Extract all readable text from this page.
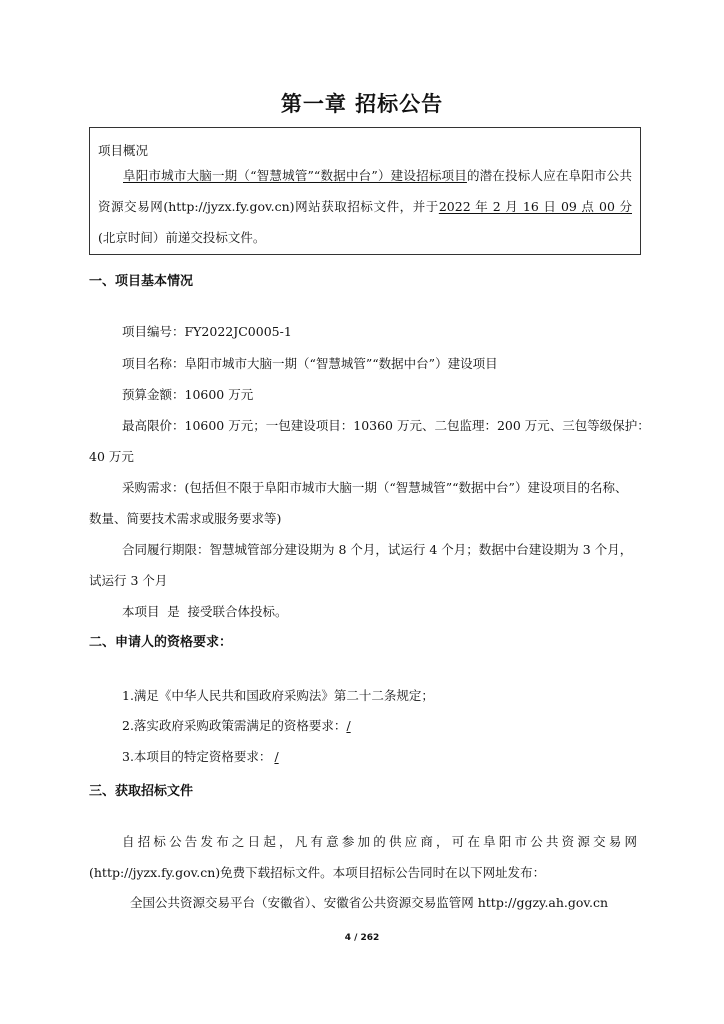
第一章 招标公告
项目概况
阜阳市城市大脑一期（“智慧城管”“数据中台”）建设招标项目的潜在投标人应在阜阳市公共资源交易网(http://jyzx.fy.gov.cn)网站获取招标文件，并于2022 年 2 月 16 日 09 点 00 分(北京时间）前递交投标文件。
一、项目基本情况
项目编号：FY2022JC0005-1
项目名称：阜阳市城市大脑一期（“智慧城管”“数据中台”）建设项目
预算金额：10600 万元
最高限价：10600 万元；一包建设项目：10360 万元、二包监理：200 万元、三包等级保护：
40 万元
采购需求：(包括但不限于阜阳市城市大脑一期（“智慧城管”“数据中台”）建设项目的名称、
数量、简要技术需求或服务要求等)
合同履行期限：智慧城管部分建设期为 8 个月，试运行 4 个月；数据中台建设期为 3 个月，
试运行 3 个月
本项目 是 接受联合体投标。
二、申请人的资格要求：
1.满足《中华人民共和国政府采购法》第二十二条规定；
2.落实政府采购政策需满足的资格要求：/
3.本项目的特定资格要求： /
三、获取招标文件
自招标公告发布之日起，凡有意参加的供应商，可在阜阳市公共资源交易网
(http://jyzx.fy.gov.cn)免费下载招标文件。本项目招标公告同时在以下网址发布：
全国公共资源交易平台（安徽省）、安徽省公共资源交易监管网 http://ggzy.ah.gov.cn
4 / 262
